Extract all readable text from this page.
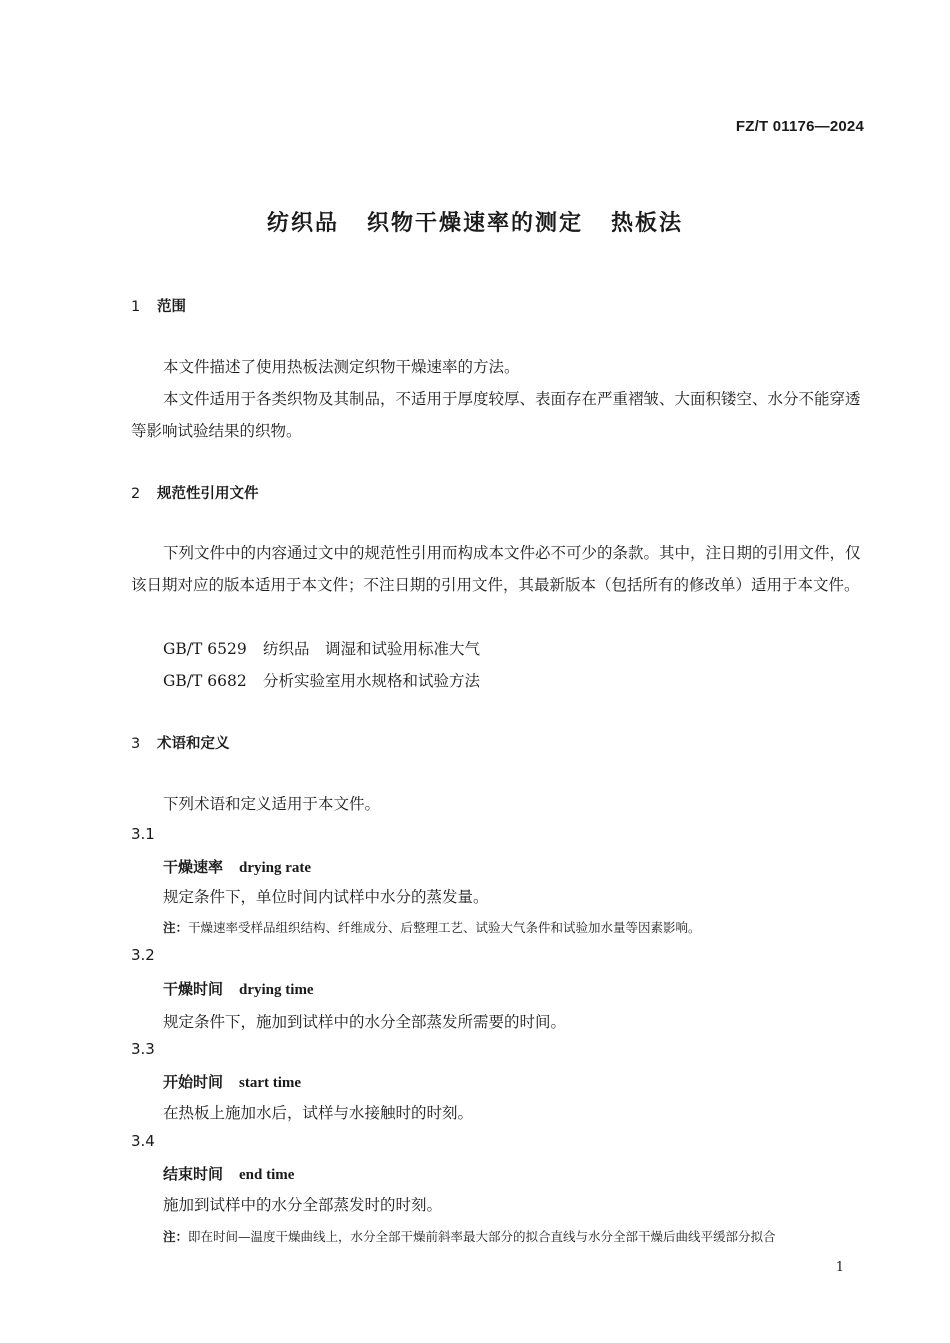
FZ/T 01176—2024
纺织品 织物干燥速率的测定 热板法
1 范围
本文件描述了使用热板法测定织物干燥速率的方法。
本文件适用于各类织物及其制品，不适用于厚度较厚、表面存在严重褶皱、大面积镂空、水分不能穿透等影响试验结果的织物。
2 规范性引用文件
下列文件中的内容通过文中的规范性引用而构成本文件必不可少的条款。其中，注日期的引用文件，仅该日期对应的版本适用于本文件；不注日期的引用文件，其最新版本（包括所有的修改单）适用于本文件。
GB/T 6529 纺织品　调湿和试验用标准大气
GB/T 6682 分析实验室用水规格和试验方法
3 术语和定义
下列术语和定义适用于本文件。
3.1
干燥速率 drying rate
规定条件下，单位时间内试样中水分的蒸发量。
注：干燥速率受样品组织结构、纤维成分、后整理工艺、试验大气条件和试验加水量等因素影响。
3.2
干燥时间 drying time
规定条件下，施加到试样中的水分全部蒸发所需要的时间。
3.3
开始时间 start time
在热板上施加水后，试样与水接触时的时刻。
3.4
结束时间 end time
施加到试样中的水分全部蒸发时的时刻。
注：即在时间—温度干燥曲线上，水分全部干燥前斜率最大部分的拟合直线与水分全部干燥后曲线平缓部分拟合
1
